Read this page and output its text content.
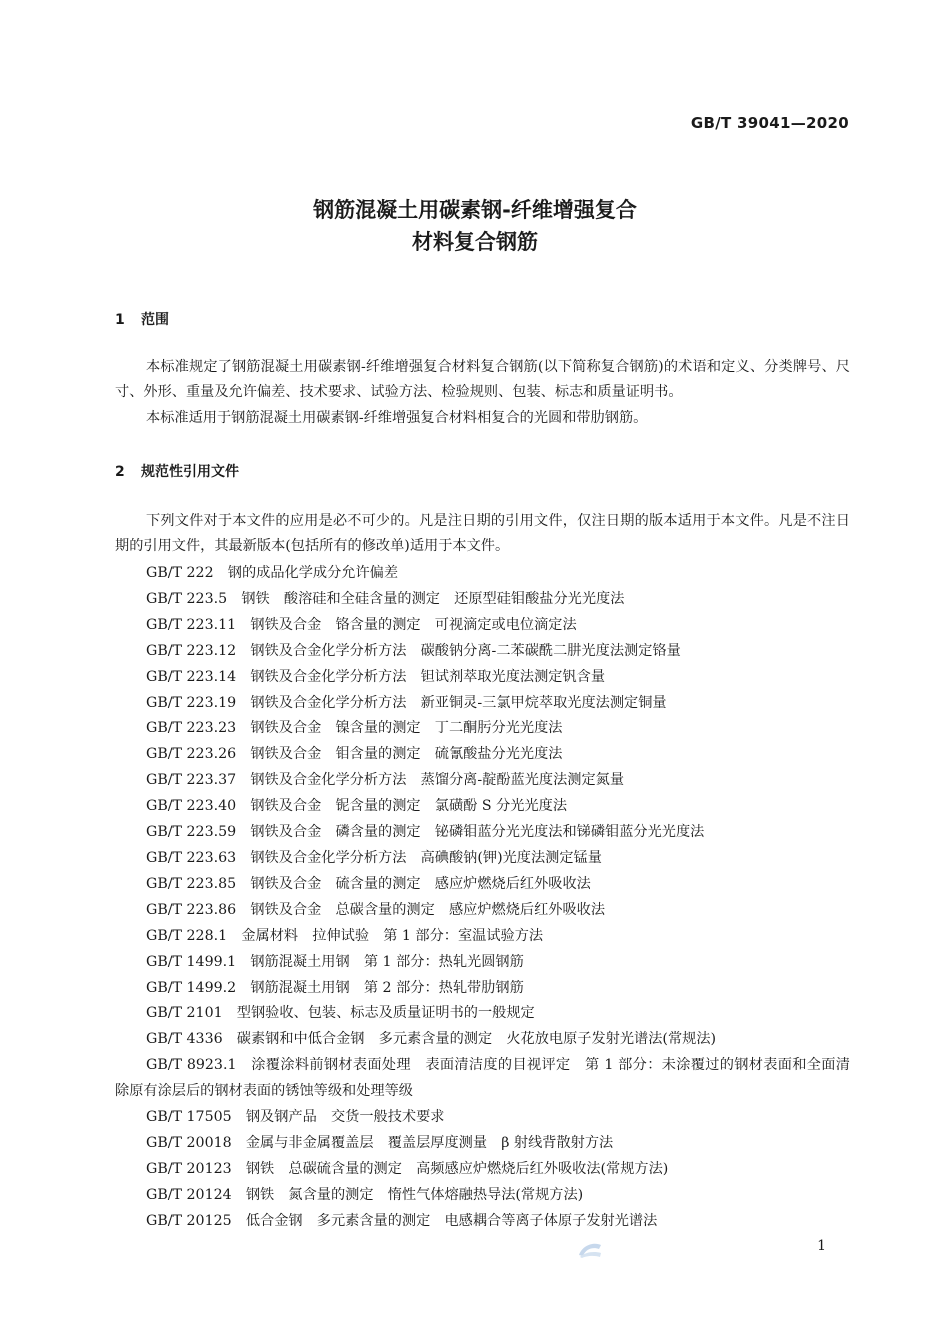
GB/T 39041—2020
钢筋混凝土用碳素钢-纤维增强复合
材料复合钢筋
1 范围
本标准规定了钢筋混凝土用碳素钢-纤维增强复合材料复合钢筋(以下简称复合钢筋)的术语和定义、分类牌号、尺寸、外形、重量及允许偏差、技术要求、试验方法、检验规则、包装、标志和质量证明书。
本标准适用于钢筋混凝土用碳素钢-纤维增强复合材料相复合的光圆和带肋钢筋。
2 规范性引用文件
下列文件对于本文件的应用是必不可少的。凡是注日期的引用文件，仅注日期的版本适用于本文件。凡是不注日期的引用文件，其最新版本(包括所有的修改单)适用于本文件。
GB/T 222　钢的成品化学成分允许偏差
GB/T 223.5　钢铁　酸溶硅和全硅含量的测定　还原型硅钼酸盐分光光度法
GB/T 223.11　钢铁及合金　铬含量的测定　可视滴定或电位滴定法
GB/T 223.12　钢铁及合金化学分析方法　碳酸钠分离-二苯碳酰二肼光度法测定铬量
GB/T 223.14　钢铁及合金化学分析方法　钽试剂萃取光度法测定钒含量
GB/T 223.19　钢铁及合金化学分析方法　新亚铜灵-三氯甲烷萃取光度法测定铜量
GB/T 223.23　钢铁及合金　镍含量的测定　丁二酮肟分光光度法
GB/T 223.26　钢铁及合金　钼含量的测定　硫氰酸盐分光光度法
GB/T 223.37　钢铁及合金化学分析方法　蒸馏分离-靛酚蓝光度法测定氮量
GB/T 223.40　钢铁及合金　铌含量的测定　氯磺酚 S 分光光度法
GB/T 223.59　钢铁及合金　磷含量的测定　铋磷钼蓝分光光度法和锑磷钼蓝分光光度法
GB/T 223.63　钢铁及合金化学分析方法　高碘酸钠(钾)光度法测定锰量
GB/T 223.85　钢铁及合金　硫含量的测定　感应炉燃烧后红外吸收法
GB/T 223.86　钢铁及合金　总碳含量的测定　感应炉燃烧后红外吸收法
GB/T 228.1　金属材料　拉伸试验　第 1 部分：室温试验方法
GB/T 1499.1　钢筋混凝土用钢　第 1 部分：热轧光圆钢筋
GB/T 1499.2　钢筋混凝土用钢　第 2 部分：热轧带肋钢筋
GB/T 2101　型钢验收、包装、标志及质量证明书的一般规定
GB/T 4336　碳素钢和中低合金钢　多元素含量的测定　火花放电原子发射光谱法(常规法)
GB/T 8923.1　涂覆涂料前钢材表面处理　表面清洁度的目视评定　第 1 部分：未涂覆过的钢材表面和全面清除原有涂层后的钢材表面的锈蚀等级和处理等级
GB/T 17505　钢及钢产品　交货一般技术要求
GB/T 20018　金属与非金属覆盖层　覆盖层厚度测量　β 射线背散射方法
GB/T 20123　钢铁　总碳硫含量的测定　高频感应炉燃烧后红外吸收法(常规方法)
GB/T 20124　钢铁　氮含量的测定　惰性气体熔融热导法(常规方法)
GB/T 20125　低合金钢　多元素含量的测定　电感耦合等离子体原子发射光谱法
1
